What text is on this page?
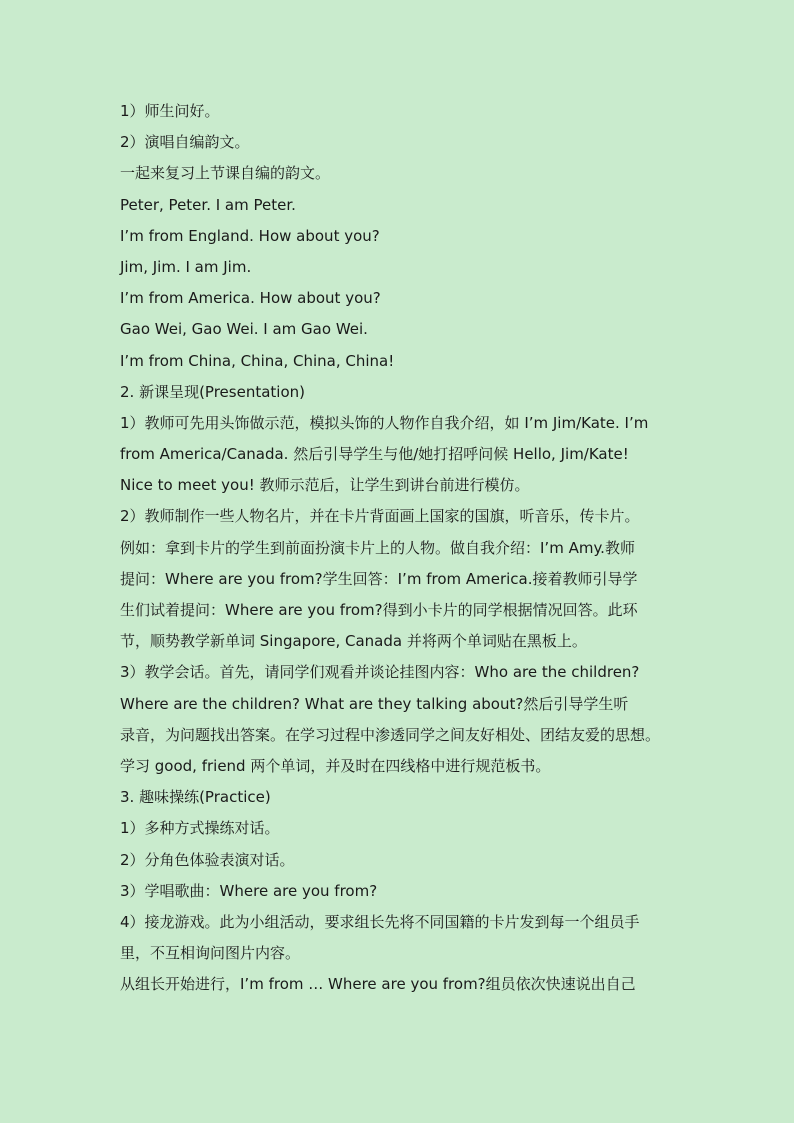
1）师生问好。
2）演唱自编韵文。
一起来复习上节课自编的韵文。
Peter, Peter. I am Peter.
I’m from England. How about you?
Jim, Jim. I am Jim.
I’m from America. How about you?
Gao Wei, Gao Wei. I am Gao Wei.
I’m from China, China, China, China!
2. 新课呈现(Presentation)
1）教师可先用头饰做示范，模拟头饰的人物作自我介绍，如 I’m Jim/Kate. I’m
from America/Canada. 然后引导学生与他/她打招呼问候 Hello, Jim/Kate!
Nice to meet you! 教师示范后，让学生到讲台前进行模仿。
2）教师制作一些人物名片，并在卡片背面画上国家的国旗，听音乐，传卡片。
例如：拿到卡片的学生到前面扮演卡片上的人物。做自我介绍：I’m Amy.教师
提问：Where are you from?学生回答：I’m from America.接着教师引导学
生们试着提问：Where are you from?得到小卡片的同学根据情况回答。此环
节，顺势教学新单词 Singapore, Canada 并将两个单词贴在黑板上。
3）教学会话。首先，请同学们观看并谈论挂图内容：Who are the children?
Where are the children? What are they talking about?然后引导学生听
录音，为问题找出答案。在学习过程中渗透同学之间友好相处、团结友爱的思想。
学习 good, friend 两个单词，并及时在四线格中进行规范板书。
3. 趣味操练(Practice)
1）多种方式操练对话。
2）分角色体验表演对话。
3）学唱歌曲：Where are you from?
4）接龙游戏。此为小组活动，要求组长先将不同国籍的卡片发到每一个组员手
里，不互相询问图片内容。
从组长开始进行，I’m from … Where are you from?组员依次快速说出自己
